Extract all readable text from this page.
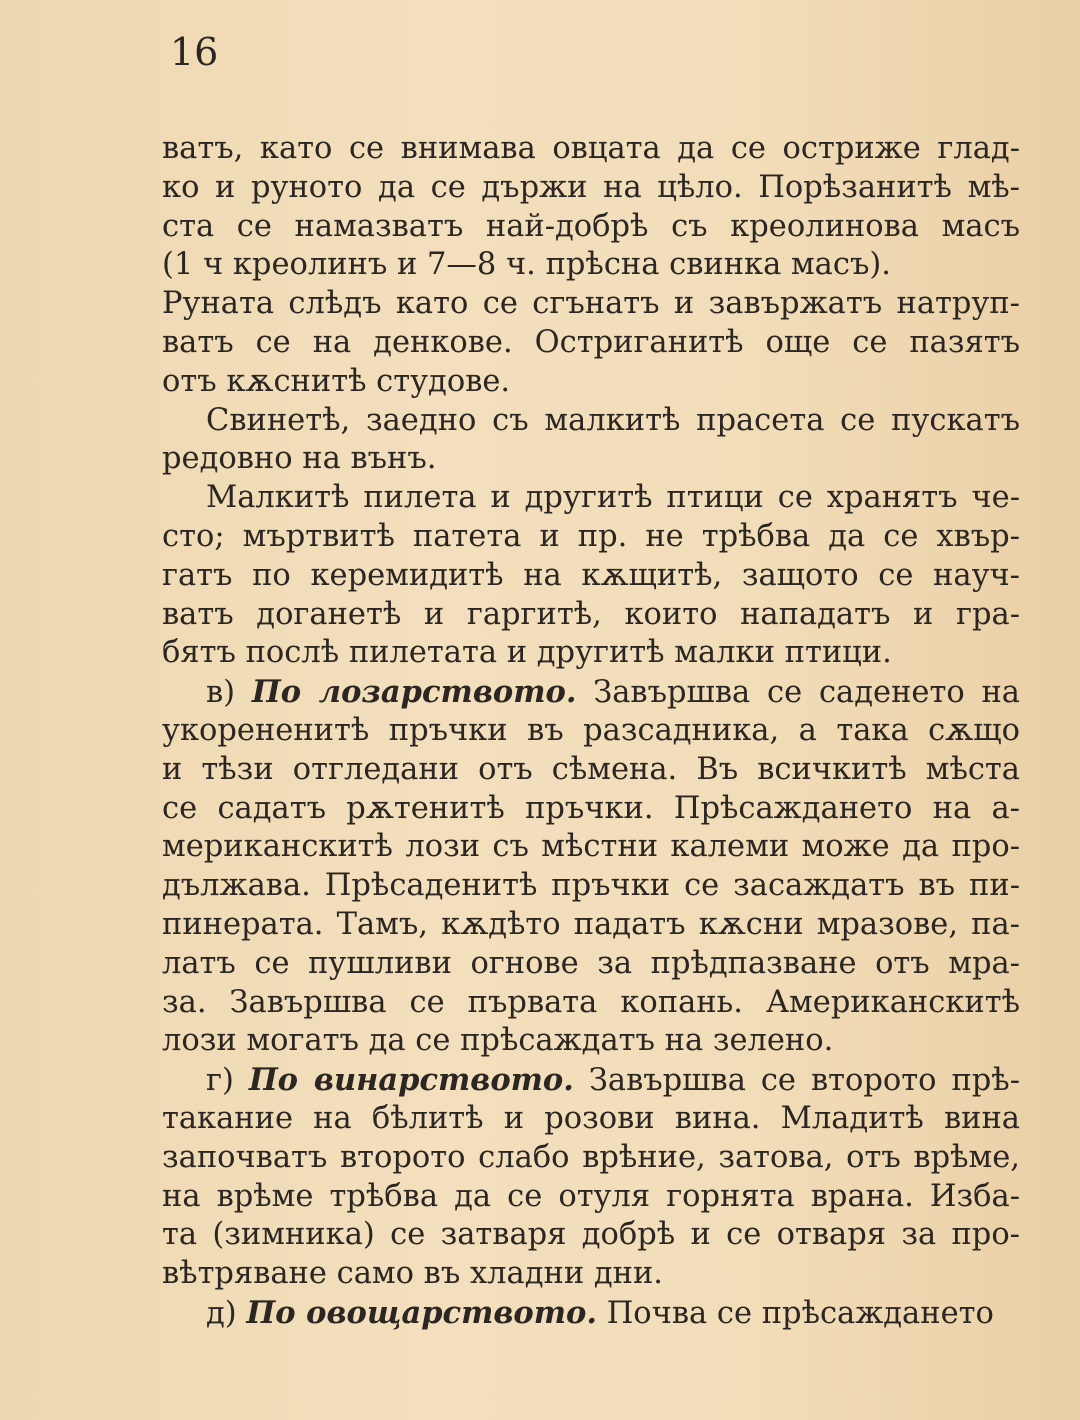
16
ватъ, като се внимава овцата да се остриже глад-
ко и руното да се държи на цѣло. Порѣзанитѣ мѣ-
ста се намазватъ най-добрѣ съ креолинова масъ
(1 ч креолинъ и 7—8 ч. прѣсна свинка масъ).
Руната слѣдъ като се сгънатъ и завържатъ натруп-
ватъ се на денкове. Остриганитѣ още се пазятъ
отъ кѫснитѣ студове.
Свинетѣ, заедно съ малкитѣ прасета се пускатъ
редовно на вънъ.
Малкитѣ пилета и другитѣ птици се хранятъ че-
сто; мъртвитѣ патета и пр. не трѣбва да се хвър-
гатъ по керемидитѣ на кѫщитѣ, защото се науч-
ватъ доганетѣ и гаргитѣ, които нападатъ и гра-
бятъ послѣ пилетата и другитѣ малки птици.
в) По лозарството. Завършва се саденето на
укорененитѣ пръчки въ разсадника, а така сѫщо
и тѣзи отгледани отъ сѣмена. Въ всичкитѣ мѣста
се садатъ рѫтенитѣ пръчки. Прѣсаждането на а-
мериканскитѣ лози съ мѣстни калеми може да про-
дължава. Прѣсаденитѣ пръчки се засаждатъ въ пи-
пинерата. Тамъ, кѫдѣто падатъ кѫсни мразове, па-
латъ се пушливи огнове за прѣдпазване отъ мра-
за. Завършва се първата копань. Американскитѣ
лози могатъ да се прѣсаждатъ на зелено.
г) По винарството. Завършва се второто прѣ-
такание на бѣлитѣ и розови вина. Младитѣ вина
започватъ второто слабо врѣние, затова, отъ врѣме,
на врѣме трѣбва да се отуля горнята врана. Изба-
та (зимника) се затваря добрѣ и се отваря за про-
вѣтряване само въ хладни дни.
д) По овощарството. Почва се прѣсаждането
